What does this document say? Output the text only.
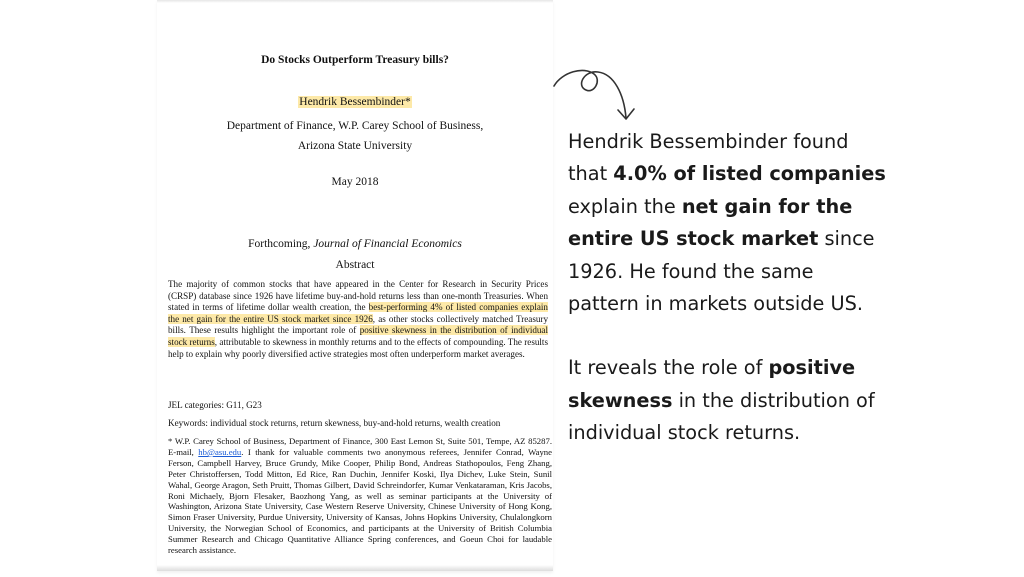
Do Stocks Outperform Treasury bills?
Hendrik Bessembinder*
Department of Finance, W.P. Carey School of Business,
Arizona State University
May 2018
Forthcoming, Journal of Financial Economics
Abstract
The majority of common stocks that have appeared in the Center for Research in Security Prices (CRSP) database since 1926 have lifetime buy-and-hold returns less than one-month Treasuries. When stated in terms of lifetime dollar wealth creation, the best-performing 4% of listed companies explain the net gain for the entire US stock market since 1926, as other stocks collectively matched Treasury bills. These results highlight the important role of positive skewness in the distribution of individual stock returns, attributable to skewness in monthly returns and to the effects of compounding. The results help to explain why poorly diversified active strategies most often underperform market averages.
JEL categories: G11, G23
Keywords: individual stock returns, return skewness, buy-and-hold returns, wealth creation
* W.P. Carey School of Business, Department of Finance, 300 East Lemon St, Suite 501, Tempe, AZ 85287. E-mail, hb@asu.edu. I thank for valuable comments two anonymous referees, Jennifer Conrad, Wayne Ferson, Campbell Harvey, Bruce Grundy, Mike Cooper, Philip Bond, Andreas Stathopoulos, Feng Zhang, Peter Christoffersen, Todd Mitton, Ed Rice, Ran Duchin, Jennifer Koski, Ilya Dichev, Luke Stein, Sunil Wahal, George Aragon, Seth Pruitt, Thomas Gilbert, David Schreindorfer, Kumar Venkataraman, Kris Jacobs, Roni Michaely, Bjorn Flesaker, Baozhong Yang, as well as seminar participants at the University of Washington, Arizona State University, Case Western Reserve University, Chinese University of Hong Kong, Simon Fraser University, Purdue University, University of Kansas, Johns Hopkins University, Chulalongkorn University, the Norwegian School of Economics, and participants at the University of British Columbia Summer Research and Chicago Quantitative Alliance Spring conferences, and Goeun Choi for laudable research assistance.
Hendrik Bessembinder found that 4.0% of listed companies explain the net gain for the entire US stock market since 1926. He found the same pattern in markets outside US.
It reveals the role of positive skewness in the distribution of individual stock returns.
